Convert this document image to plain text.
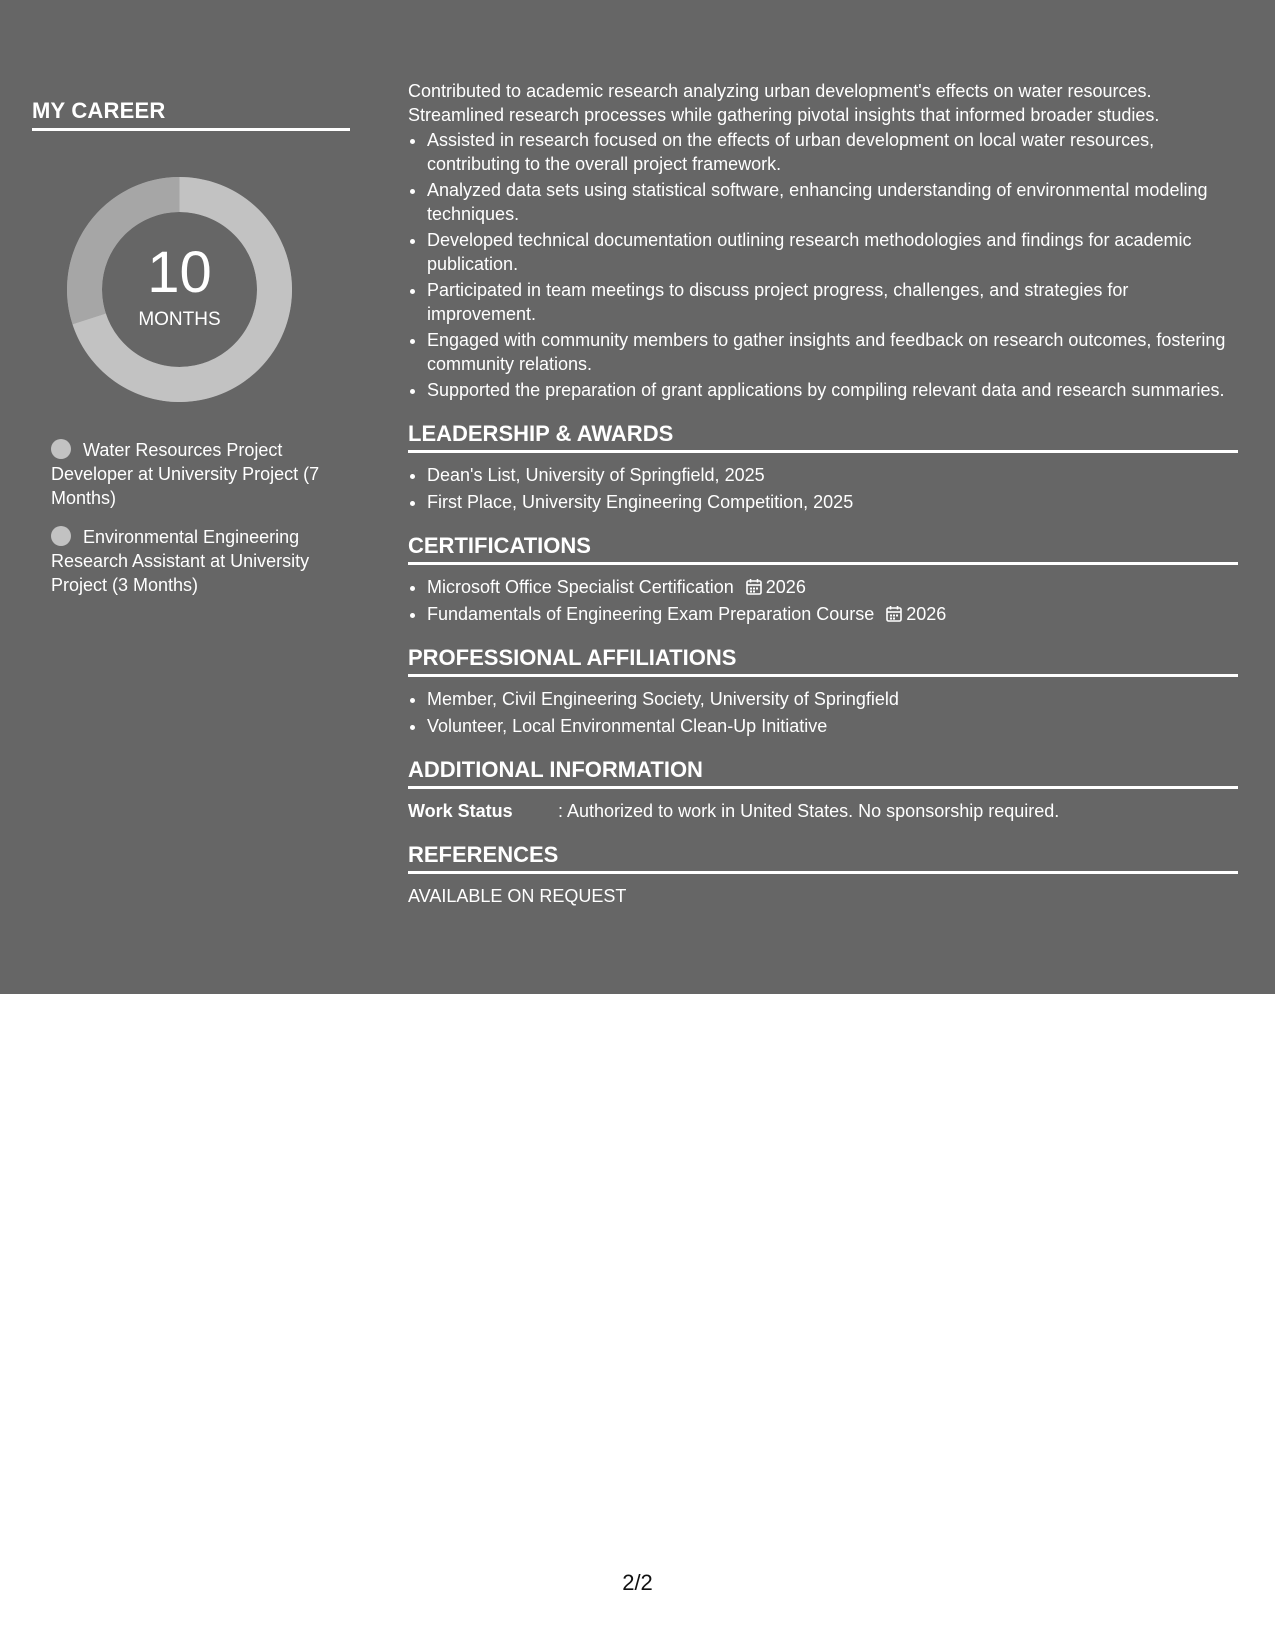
MY CAREER
10
MONTHS
Water Resources Project Developer at University Project (7 Months)
Environmental Engineering Research Assistant at University Project (3 Months)

Contributed to academic research analyzing urban development's effects on water resources.
Streamlined research processes while gathering pivotal insights that informed broader studies.

• Assisted in research focused on the effects of urban development on local water resources, contributing to the overall project framework.
• Analyzed data sets using statistical software, enhancing understanding of environmental modeling techniques.
• Developed technical documentation outlining research methodologies and findings for academic publication.
• Participated in team meetings to discuss project progress, challenges, and strategies for improvement.
• Engaged with community members to gather insights and feedback on research outcomes, fostering community relations.
• Supported the preparation of grant applications by compiling relevant data and research summaries.
LEADERSHIP & AWARDS
• Dean's List, University of Springfield, 2025
• First Place, University Engineering Competition, 2025
CERTIFICATIONS
• Microsoft Office Specialist Certification 2026
• Fundamentals of Engineering Exam Preparation Course 2026
PROFESSIONAL AFFILIATIONS
• Member, Civil Engineering Society, University of Springfield
• Volunteer, Local Environmental Clean-Up Initiative
ADDITIONAL INFORMATION
Work Status	: Authorized to work in United States. No sponsorship required.
REFERENCES

AVAILABLE ON REQUEST

2/2
